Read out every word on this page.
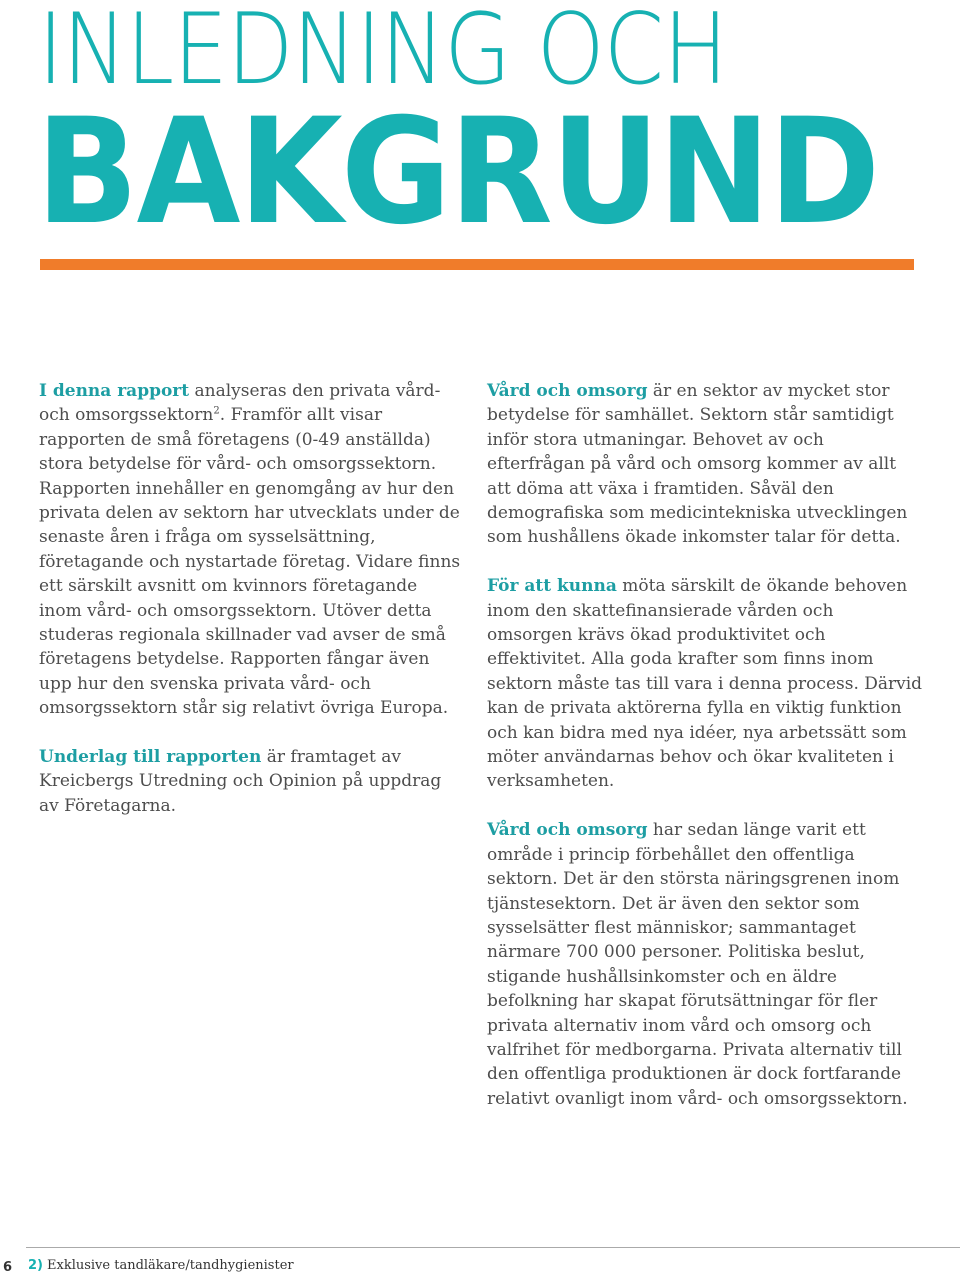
INLEDNING OCH
BAKGRUND

I denna rapport analyseras den privata vård- och omsorgssektorn$^2$. Framför allt visar rapporten de små företagens (0-49 anställda) stora betydelse för vård- och omsorgssektorn. Rapporten innehåller en genomgång av hur den privata delen av sektorn har utvecklats under de senaste åren i fråga om sysselsättning, företagande och nystartade företag. Vidare finns ett särskilt avsnitt om kvinnors företagande inom vård- och omsorgssektorn. Utöver detta studeras regionala skillnader vad avser de små företagens betydelse. Rapporten fångar även upp hur den svenska privata vård- och omsorgssektorn står sig relativt övriga Europa.

Underlag till rapporten är framtaget av Kreicbergs Utredning och Opinion på uppdrag av Företagarna.

Vård och omsorg är en sektor av mycket stor betydelse för samhället. Sektorn står samtidigt inför stora utmaningar. Behovet av och efterfrågan på vård och omsorg kommer av allt att döma att växa i framtiden. Såväl den demografiska som medicintekniska utvecklingen som hushållens ökade inkomster talar för detta.

För att kunna möta särskilt de ökande behoven inom den skattefinansierade vården och omsorgen krävs ökad produktivitet och effektivitet. Alla goda krafter som finns inom sektorn måste tas till vara i denna process. Därvid kan de privata aktörerna fylla en viktig funktion och kan bidra med nya idéer, nya arbetssätt som möter användarnas behov och ökar kvaliteten i verksamheten.

Vård och omsorg har sedan länge varit ett område i princip förbehållet den offentliga sektorn. Det är den största näringsgrenen inom tjänstesektorn. Det är även den sektor som sysselsätter flest människor; sammantaget närmare 700 000 personer. Politiska beslut, stigande hushållsinkomster och en äldre befolkning har skapat förutsättningar för fler privata alternativ inom vård och omsorg och valfrihet för medborgarna. Privata alternativ till den offentliga produktionen är dock fortfarande relativt ovanligt inom vård- och omsorgssektorn.

6 2) Exklusive tandläkare/tandhygienister
